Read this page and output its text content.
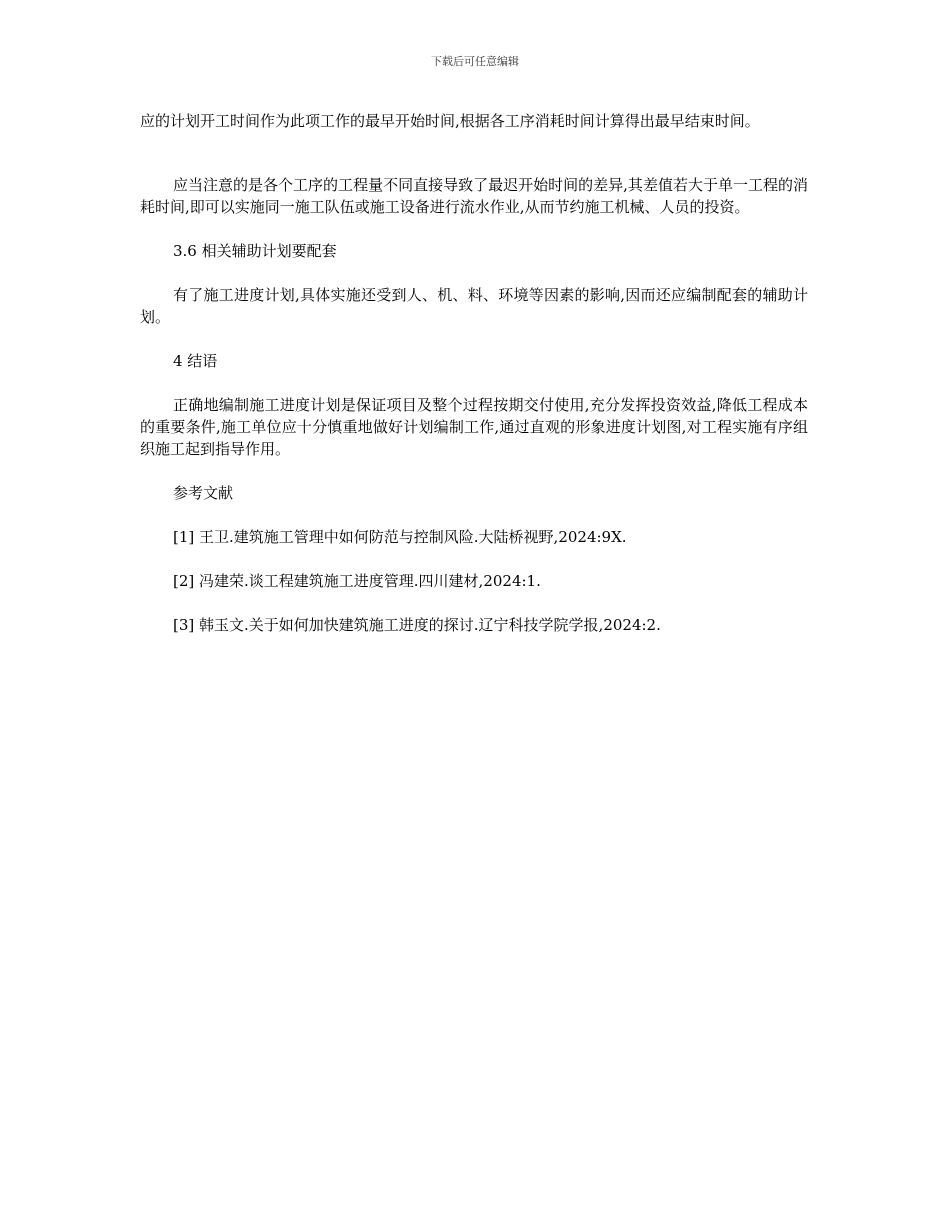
下载后可任意编辑

应的计划开工时间作为此项工作的最早开始时间,根据各工序消耗时间计算得出最早结束时间。

应当注意的是各个工序的工程量不同直接导致了最迟开始时间的差异,其差值若大于单一工程的消耗时间,即可以实施同一施工队伍或施工设备进行流水作业,从而节约施工机械、人员的投资。

3.6 相关辅助计划要配套

有了施工进度计划,具体实施还受到人、机、料、环境等因素的影响,因而还应编制配套的辅助计划。

4 结语

正确地编制施工进度计划是保证项目及整个过程按期交付使用,充分发挥投资效益,降低工程成本的重要条件,施工单位应十分慎重地做好计划编制工作,通过直观的形象进度计划图,对工程实施有序组织施工起到指导作用。

参考文献

[1] 王卫.建筑施工管理中如何防范与控制风险.大陆桥视野,2024:9X.

[2] 冯建荣.谈工程建筑施工进度管理.四川建材,2024:1.

[3] 韩玉文.关于如何加快建筑施工进度的探讨.辽宁科技学院学报,2024:2.
